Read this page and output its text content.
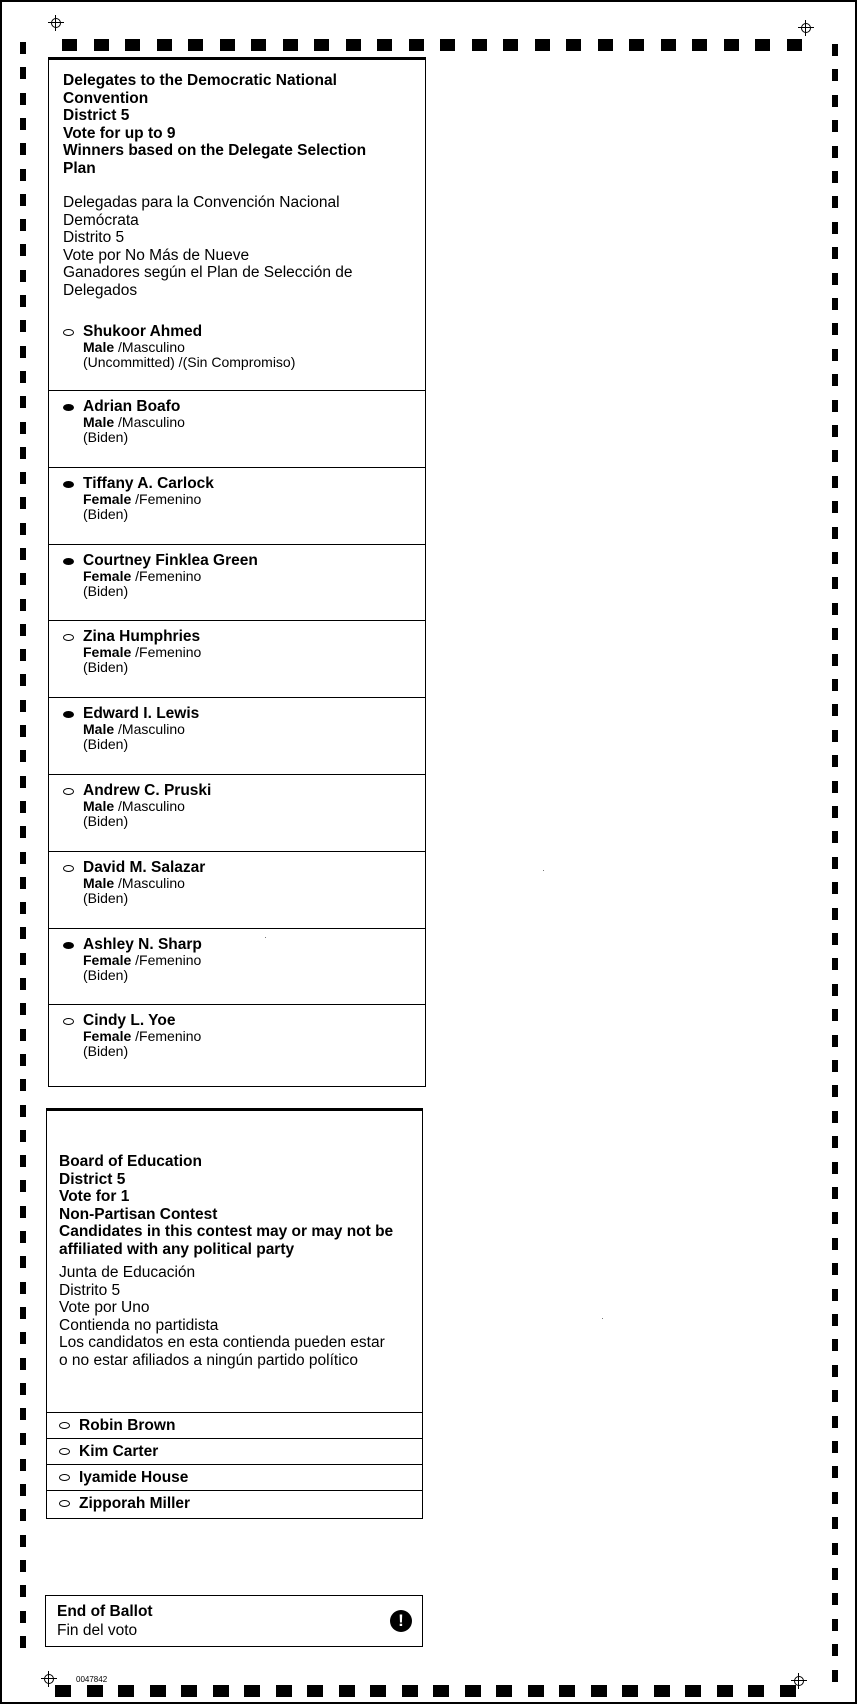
Delegates to the Democratic National
Convention
District 5
Vote for up to 9
Winners based on the Delegate Selection
Plan
Delegadas para la Convención Nacional
Demócrata
Distrito 5
Vote por No Más de Nueve
Ganadores según el Plan de Selección de
Delegados
Shukoor Ahmed
Male /Masculino
(Uncommitted) /(Sin Compromiso)
Adrian Boafo
Male /Masculino
(Biden)
Tiffany A. Carlock
Female /Femenino
(Biden)
Courtney Finklea Green
Female /Femenino
(Biden)
Zina Humphries
Female /Femenino
(Biden)
Edward I. Lewis
Male /Masculino
(Biden)
Andrew C. Pruski
Male /Masculino
(Biden)
David M. Salazar
Male /Masculino
(Biden)
Ashley N. Sharp
Female /Femenino
(Biden)
Cindy L. Yoe
Female /Femenino
(Biden)
Board of Education
District 5
Vote for 1
Non-Partisan Contest
Candidates in this contest may or may not be
affiliated with any political party
Junta de Educación
Distrito 5
Vote por Uno
Contienda no partidista
Los candidatos en esta contienda pueden estar
o no estar afiliados a ningún partido político
Robin Brown
Kim Carter
Iyamide House
Zipporah Miller
End of Ballot
Fin del voto
!
0047842
